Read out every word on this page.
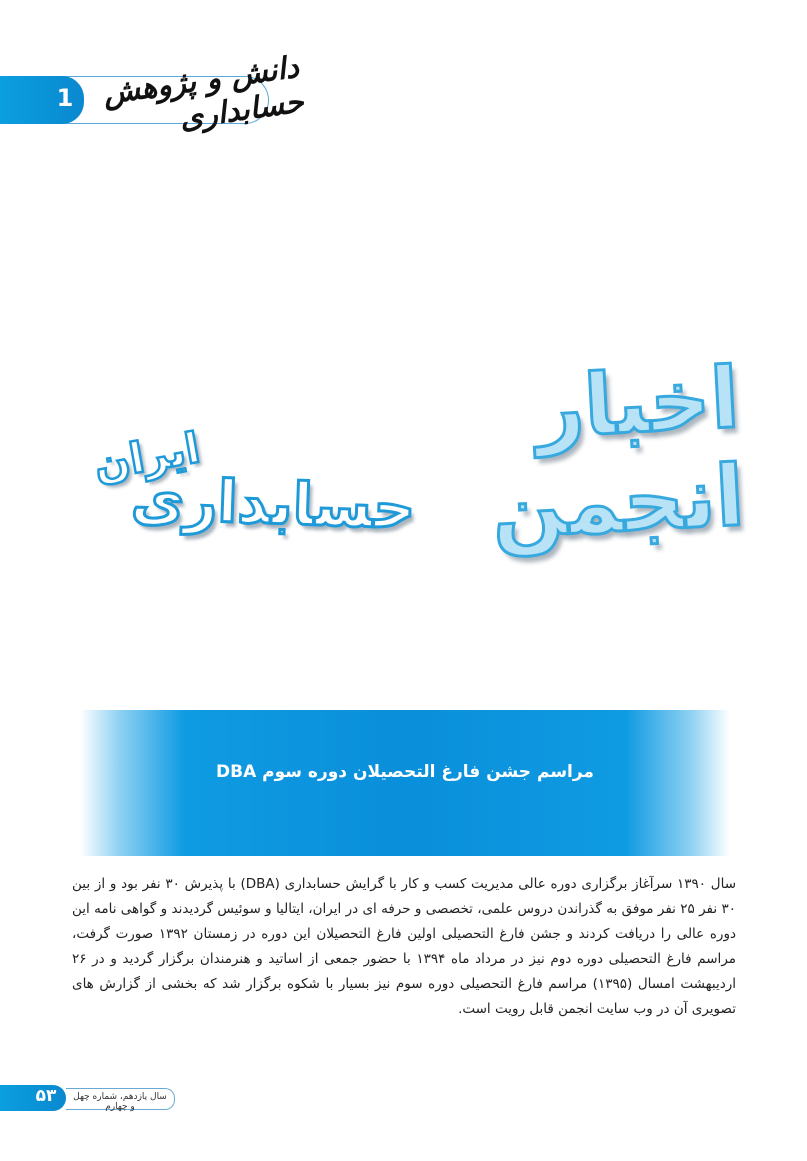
1 دانش و پژوهش حسابداری
اخبار انجمن
حسابداری
ایران
مراسم جشن فارغ التحصیلان دوره سوم DBA

سال ۱۳۹۰ سرآغاز برگزاری دوره عالی مدیریت کسب و کار با گرایش حسابداری (DBA) با پذیرش ۳۰ نفر بود و از بین ۳۰ نفر ۲۵ نفر موفق به گذراندن دروس علمی، تخصصی و حرفه ای در ایران، ایتالیا و سوئیس گردیدند و گواهی نامه این دوره عالی را دریافت کردند و جشن فارغ التحصیلی اولین فارغ التحصیلان این دوره در زمستان ۱۳۹۲ صورت گرفت، مراسم فارغ التحصیلی دوره دوم نیز در مرداد ماه ۱۳۹۴ با حضور جمعی از اساتید و هنرمندان برگزار گردید و در ۲۶ اردیبهشت امسال (۱۳۹۵) مراسم فارغ التحصیلی دوره سوم نیز بسیار با شکوه برگزار شد که بخشی از گزارش های تصویری آن در وب سایت انجمن قابل رویت است.

۵۳	سال یازدهم، شماره چهل و چهارم
